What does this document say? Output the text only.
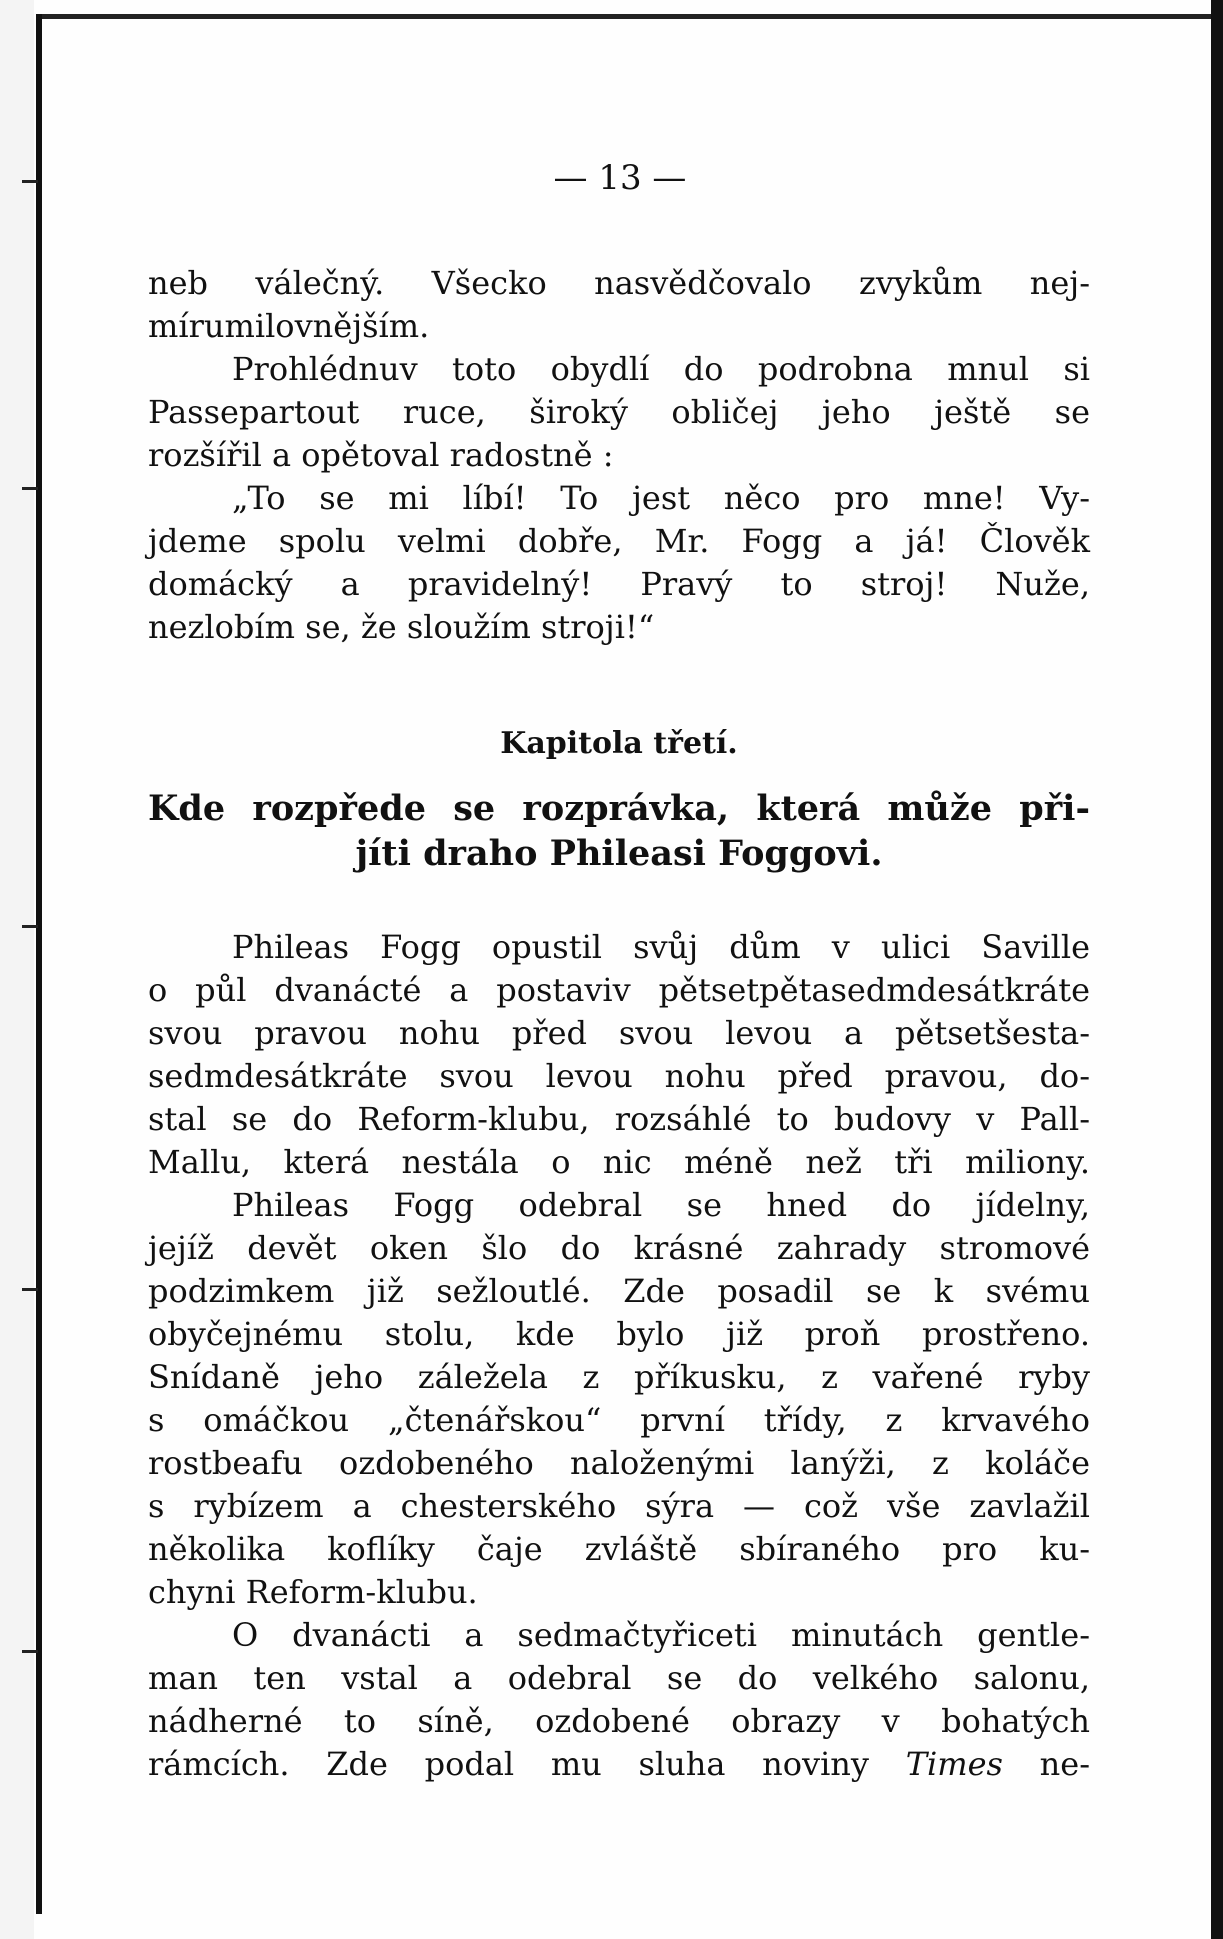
— 13 —
neb válečný. Všecko nasvědčovalo zvykům nej-
mírumilovnějším.
Prohlédnuv toto obydlí do podrobna mnul si
Passepartout ruce, široký obličej jeho ještě se
rozšířil a opětoval radostně :
„To se mi líbí! To jest něco pro mne! Vy-
jdeme spolu velmi dobře, Mr. Fogg a já! Člověk
domácký a pravidelný! Pravý to stroj! Nuže,
nezlobím se, že sloužím stroji!“
Kapitola třetí.
Kde rozpřede se rozprávka, která může při-
jíti draho Phileasi Foggovi.
Phileas Fogg opustil svůj dům v ulici Saville
o půl dvanácté a postaviv pětsetpětasedmdesátkráte
svou pravou nohu před svou levou a pětsetšesta-
sedmdesátkráte svou levou nohu před pravou, do-
stal se do Reform-klubu, rozsáhlé to budovy v Pall-
Mallu, která nestála o nic méně než tři miliony.
Phileas Fogg odebral se hned do jídelny,
jejíž devět oken šlo do krásné zahrady stromové
podzimkem již sežloutlé. Zde posadil se k svému
obyčejnému stolu, kde bylo již proň prostřeno.
Snídaně jeho záležela z příkusku, z vařené ryby
s omáčkou „čtenářskou“ první třídy, z krvavého
rostbeafu ozdobeného naloženými lanýži, z koláče
s rybízem a chesterského sýra — což vše zavlažil
několika koflíky čaje zvláště sbíraného pro ku-
chyni Reform-klubu.
O dvanácti a sedmačtyřiceti minutách gentle-
man ten vstal a odebral se do velkého salonu,
nádherné to síně, ozdobené obrazy v bohatých
rámcích. Zde podal mu sluha noviny Times ne-
